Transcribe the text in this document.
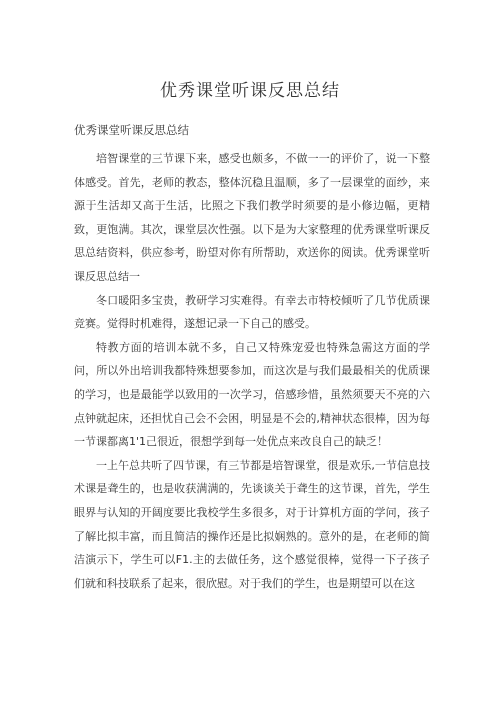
优秀课堂听课反思总结
优秀课堂听课反思总结

培智课堂的三节课下来，感受也颇多，不做一一的评价了，说一下整体感受。首先，老师的教态，整体沉稳且温顺，多了一层课堂的面纱，来源于生活却又高于生活，比照之下我们教学时须要的是小修边幅，更精致，更饱满。其次，课堂层次性强。以下是为大家整理的优秀课堂听课反思总结资料，供应参考，盼望对你有所帮助，欢送你的阅读。优秀课堂听课反思总结一

冬口暖阳多宝贵，教研学习实难得。有幸去市特校倾听了几节优质课竞赛。觉得时机难得，遂想记录一下自己的感受。

特教方面的培训本就不多，自己又特殊宠爱也特殊急需这方面的学问，所以外出培训我都特殊想要参加，而这次是与我们最最相关的优质课的学习，也是最能学以致用的一次学习，倍感珍惜，虽然须要天不亮的六点钟就起床，还担忧自己会不会困，明显是不会的,精神状态很棒，因为每一节课都离1'1己很近，很想学到每一处优点来改良自己的缺乏！

一上午总共听了四节课，有三节都是培智课堂，很是欢乐,一节信息技术课是聋生的，也是收获满满的，先谈谈关于聋生的这节课，首先，学生眼界与认知的开阔度要比我校学生多很多，对于计算机方面的学问，孩子了解比拟丰富，而且简洁的操作还是比拟娴熟的。意外的是，在老师的简洁演示下，学生可以F1.主的去做任务，这个感觉很棒，觉得一下子孩子们就和科技联系了起来，很欣慰。对于我们的学生，也是期望可以在这
